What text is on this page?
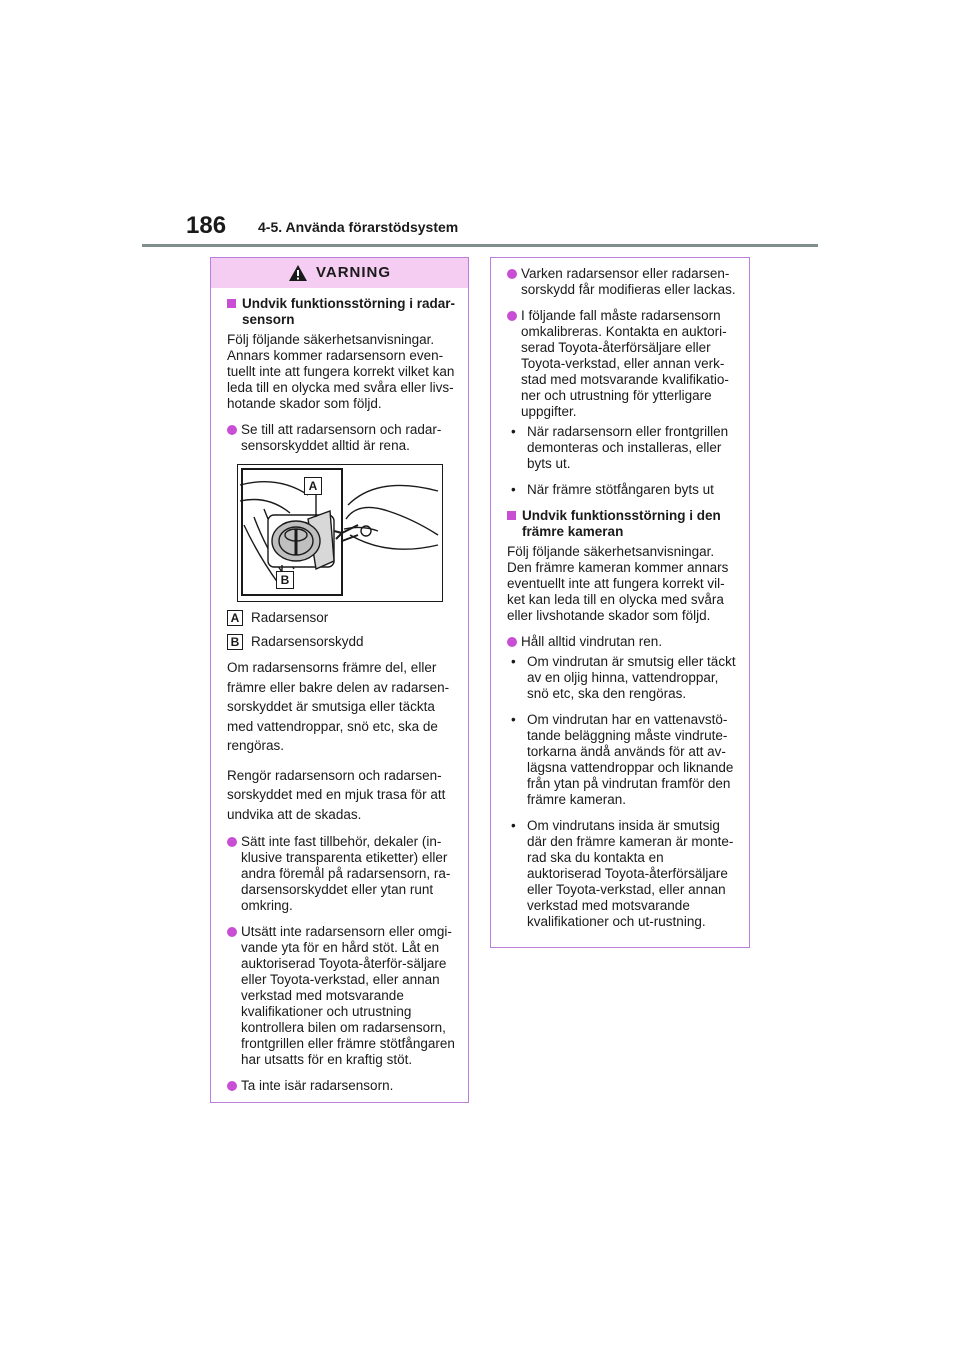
186 4-5. Använda förarstödsystem
VARNING
Undvik funktionsstörning i radar-sensorn

Följ följande säkerhetsanvisningar. Annars kommer radarsensorn even-tuellt inte att fungera korrekt vilket kan leda till en olycka med svåra eller livs-hotande skador som följd.

Se till att radarsensorn och radar-sensorskyddet alltid är rena.
A
B
A Radarsensor
B Radarsensorskydd

Om radarsensorns främre del, eller främre eller bakre delen av radarsen-sorskyddet är smutsiga eller täckta med vattendroppar, snö etc, ska de rengöras.

Rengör radarsensorn och radarsen-sorskyddet med en mjuk trasa för att undvika att de skadas.

Sätt inte fast tillbehör, dekaler (in-klusive transparenta etiketter) eller andra föremål på radarsensorn, ra-darsensorskyddet eller ytan runt omkring.
Utsätt inte radarsensorn eller omgi-vande yta för en hård stöt. Låt en auktoriserad Toyota-återför-säljare eller Toyota-verkstad, eller annan verkstad med motsvarande kvalifikationer och utrustning kontrollera bilen om radarsensorn, frontgrillen eller främre stötfångaren har utsatts för en kraftig stöt.
Ta inte isär radarsensorn.
Varken radarsensor eller radarsen-sorskydd får modifieras eller lackas.
I följande fall måste radarsensorn omkalibreras. Kontakta en auktori-serad Toyota-återförsäljare eller Toyota-verkstad, eller annan verk-stad med motsvarande kvalifikatio-ner och utrustning för ytterligare uppgifter.
• När radarsensorn eller frontgrillen demonteras och installeras, eller byts ut.
• När främre stötfångaren byts ut
Undvik funktionsstörning i den främre kameran

Följ följande säkerhetsanvisningar. Den främre kameran kommer annars eventuellt inte att fungera korrekt vil-ket kan leda till en olycka med svåra eller livshotande skador som följd.

Håll alltid vindrutan ren.
• Om vindrutan är smutsig eller täckt av en oljig hinna, vattendroppar, snö etc, ska den rengöras.
• Om vindrutan har en vattenavstö-tande beläggning måste vindrute-torkarna ändå används för att av-lägsna vattendroppar och liknande från ytan på vindrutan framför den främre kameran.
• Om vindrutans insida är smutsig där den främre kameran är monte-rad ska du kontakta en auktoriserad Toyota-återförsäljare eller Toyota-verkstad, eller annan verkstad med motsvarande kvalifikationer och ut-rustning.
